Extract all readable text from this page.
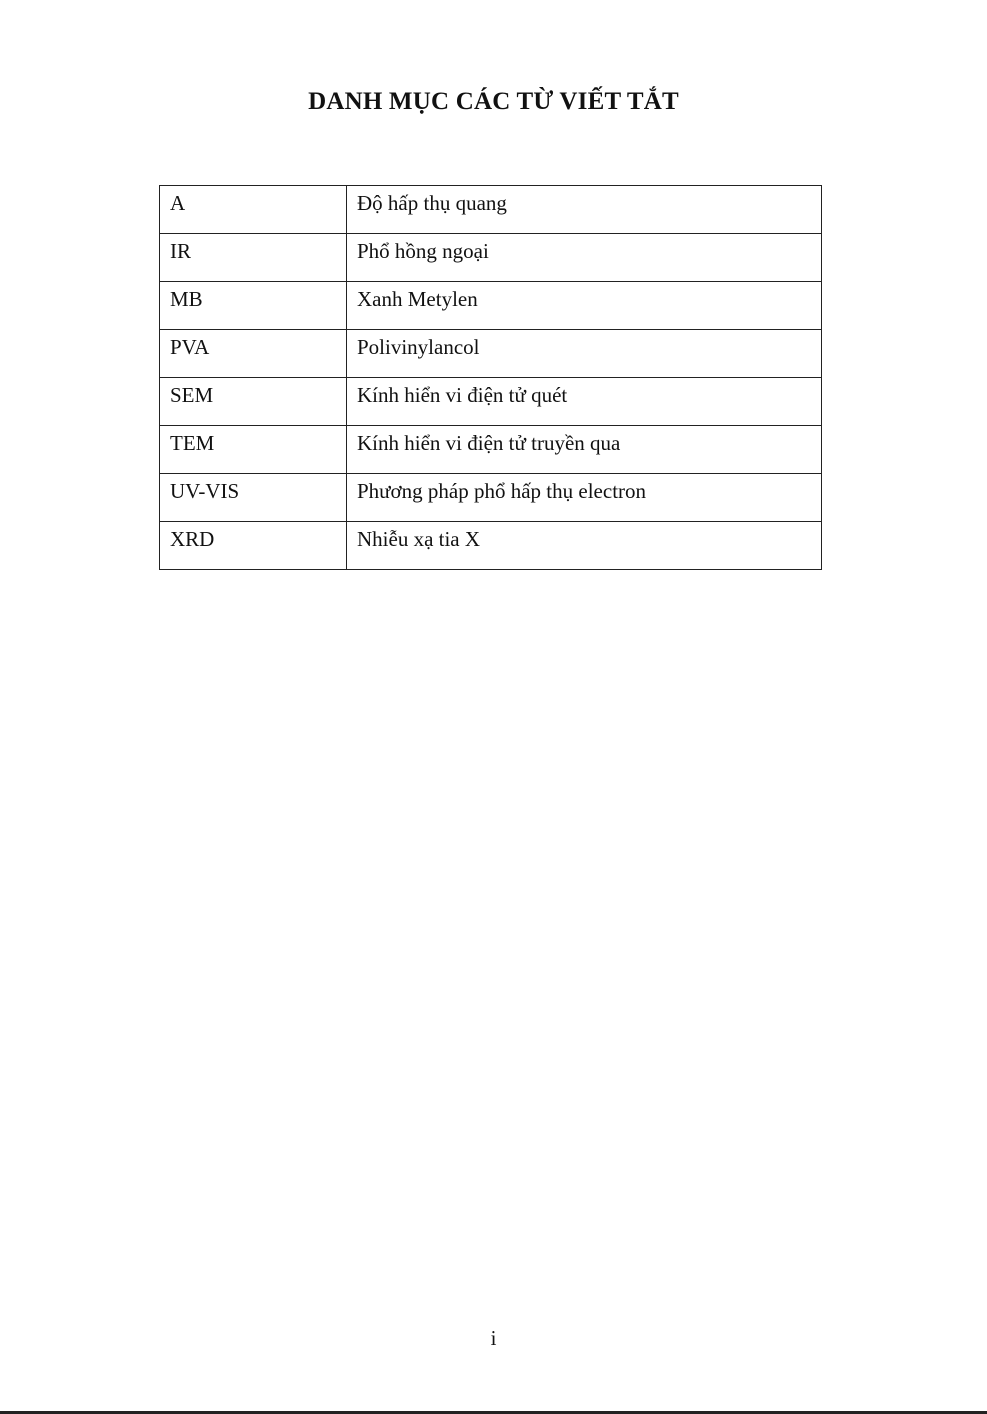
DANH MỤC CÁC TỪ VIẾT TẮT
A	Độ hấp thụ quang
IR	Phổ hồng ngoại
MB	Xanh Metylen
PVA	Polivinylancol
SEM	Kính hiển vi điện tử quét
TEM	Kính hiển vi điện tử truyền qua
UV-VIS	Phương pháp phổ hấp thụ electron
XRD	Nhiễu xạ tia X

i
